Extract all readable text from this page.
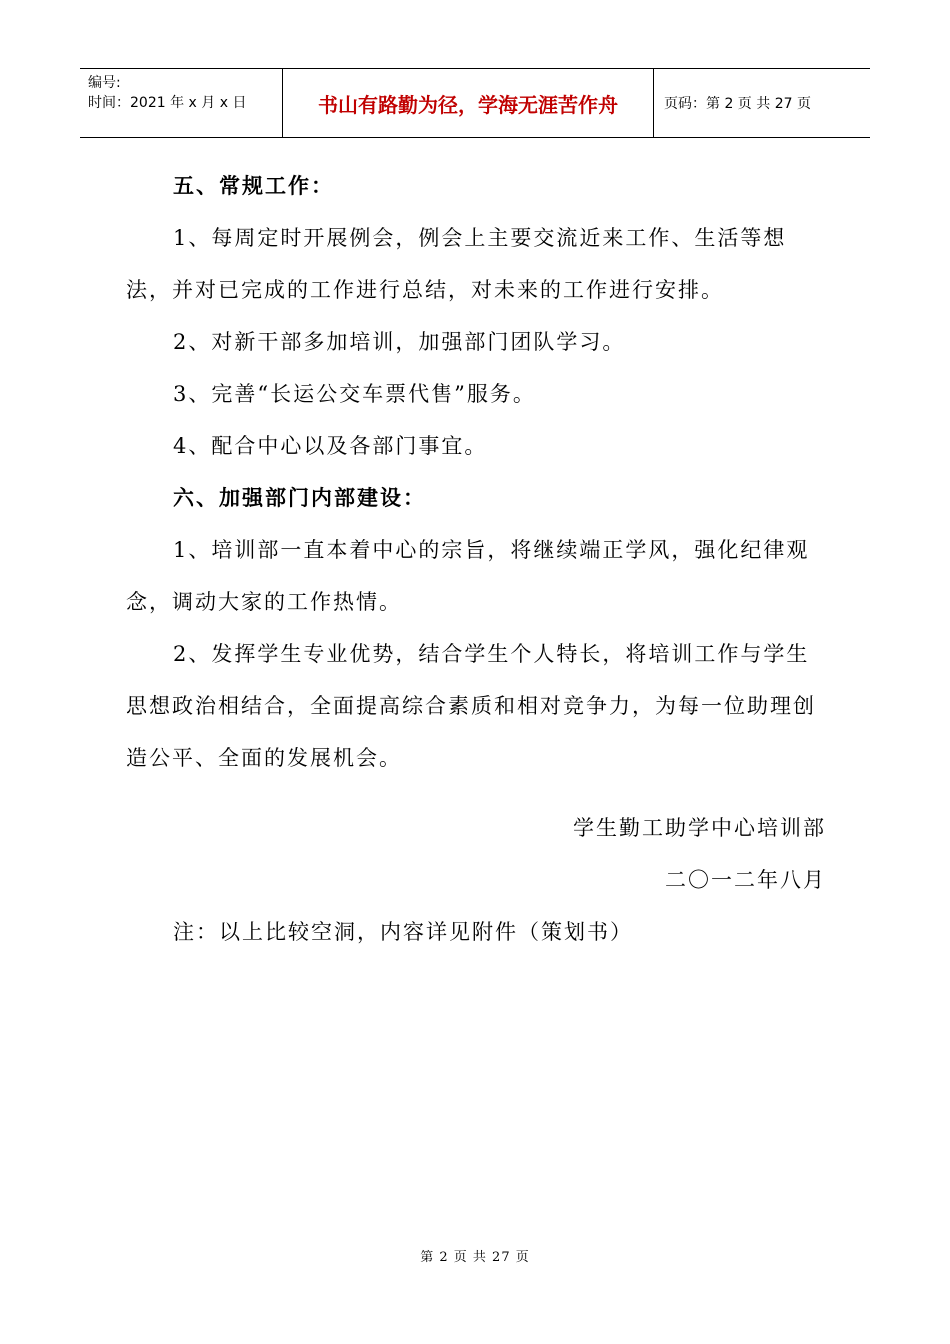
编号:
时间：2021 年 x 月 x 日	书山有路勤为径，学海无涯苦作舟	页码：第 2 页 共 27 页

五、常规工作：

1、每周定时开展例会，例会上主要交流近来工作、生活等想法，并对已完成的工作进行总结，对未来的工作进行安排。

2、对新干部多加培训，加强部门团队学习。

3、完善“长运公交车票代售”服务。

4、配合中心以及各部门事宜。

六、加强部门内部建设：

1、培训部一直本着中心的宗旨，将继续端正学风，强化纪律观念，调动大家的工作热情。

2、发挥学生专业优势，结合学生个人特长，将培训工作与学生思想政治相结合，全面提高综合素质和相对竞争力，为每一位助理创造公平、全面的发展机会。

学生勤工助学中心培训部

二〇一二年八月

注：以上比较空洞，内容详见附件（策划书）

第 2 页 共 27 页
